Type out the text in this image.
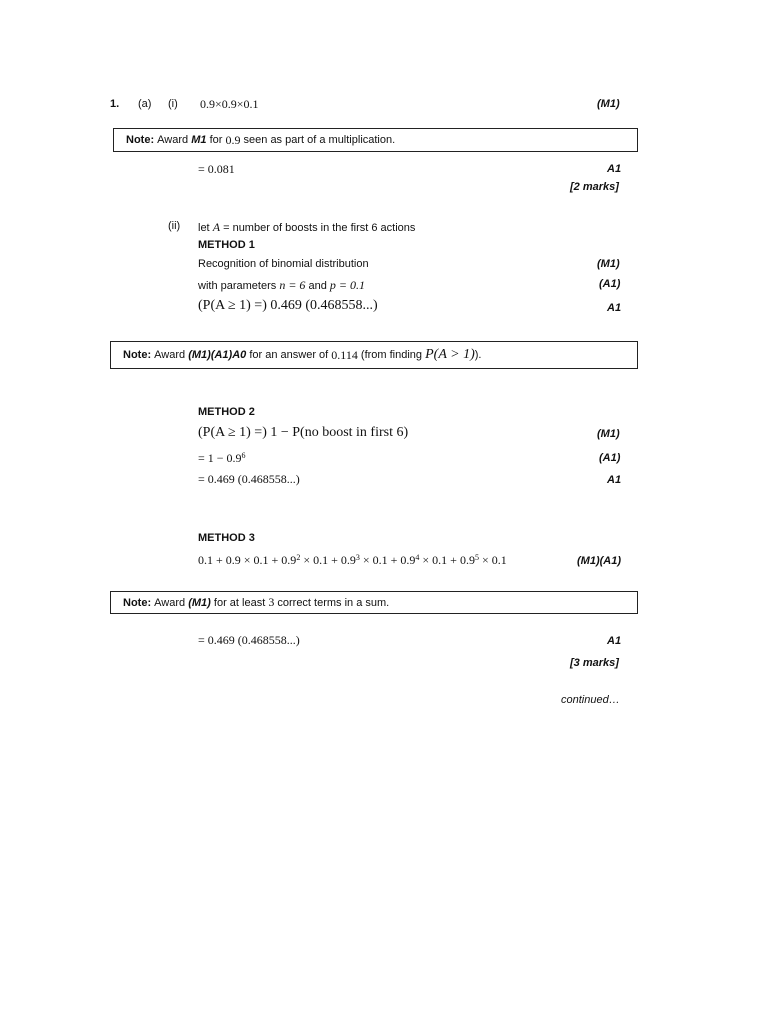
1. (a) (i) 0.9×0.9×0.1	(M1)
Note:
Award
M1
for
0.9
seen as part of a multiplication.
= 0.081	A1
[2 marks]
(ii) let A = number of boosts in the first 6 actions
METHOD 1
Recognition of binomial distribution	(M1)
with parameters n = 6 and p = 0.1	(A1)
(P(A ≥ 1) =) 0.469 (0.468558...)	A1
Note:
Award
(M1)(A1)A0
for an answer of
0.114
(from finding
P(A > 1) ).
METHOD 2
(P(A ≥ 1) =) 1 − P(no boost in first 6)	(M1)
= $1 - 0.9^6$	(A1)
= 0.469 (0.468558...)	A1
METHOD 3
$0.1 + 0.9 \times 0.1 + 0.9^2 \times 0.1 + 0.9^3 \times 0.1 + 0.9^4 \times 0.1 + 0.9^5 \times 0.1$	(M1)(A1)
Note:
Award
(M1)
for at least
3
correct terms in a sum.
= 0.469 (0.468558...)	A1
[3 marks]
continued…
